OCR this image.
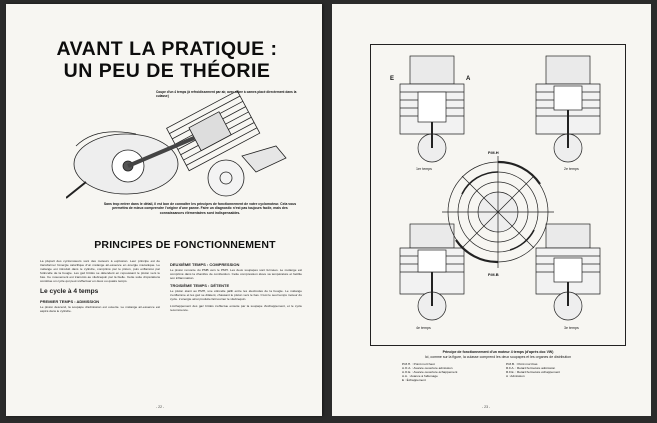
AVANT LA PRATIQUE :
UN PEU DE THÉORIE
Coupe d'un 4 temps (à refroidissement par air, avec arbre à cames placé directement dans la culasse)
Sans trop entrer dans le détail, il est bon de connaître les principes de fonctionnement de votre cyclomoteur. Cela vous permettra de mieux comprendre l'origine d'une panne. Faire un diagnostic n'est pas toujours facile, mais des connaissances élémentaires sont indispensables.
PRINCIPES DE FONCTIONNEMENT

La plupart des cyclomoteurs sont des moteurs à explosion. Leur principe est de transformer l'énergie calorifique d'un mélange air-essence en énergie mécanique. Le mélange est introduit dans le cylindre, comprimé par le piston, puis enflammé par l'étincelle de la bougie. Les gaz brûlés se détendent en repoussant le piston vers le bas. Ce mouvement est transmis au vilebrequin par la bielle. Cette suite d'opérations constitue un cycle qui peut s'effectuer en deux ou quatre temps.

Le cycle à 4 temps
PREMIER TEMPS : ADMISSION

Le piston descend, la soupape d'admission est ouverte. Le mélange air-essence est aspiré dans le cylindre.

DEUXIÈME TEMPS : COMPRESSION

Le piston remonte du PMB vers le PMH. Les deux soupapes sont fermées. Le mélange est comprimé dans la chambre de combustion. Cette compression élève sa température et facilite son inflammation.

TROISIÈME TEMPS : DÉTENTE

Le piston étant au PMH, une étincelle jaillit entre les électrodes de la bougie. Le mélange s'enflamme et les gaz se dilatent, chassant le piston vers le bas. C'est le seul temps moteur du cycle. L'énergie ainsi produite fait tourner le vilebrequin.

L'échappement des gaz brûlés s'effectue ensuite par la soupape d'échappement, et le cycle recommence.

- 22 -
E	A
P.M.H
P.M.B
1er temps	2e temps
3e temps
4e temps
Principe de fonctionnement d'un moteur 4 temps (d'après doc VW)
Ici, comme sur la figure, la culasse comprend les deux soupapes et les organes de distribution
P.M.H. : Point mort haut	P.M.B. : Point mort bas
A.O.A. : Avance ouverture admission	R.F.A. : Retard fermeture admission
A.O.E. : Avance ouverture échappement	R.F.E. : Retard fermeture échappement
A.A. : Avance à l'allumage	A : Admission
E : Échappement
- 23 -
